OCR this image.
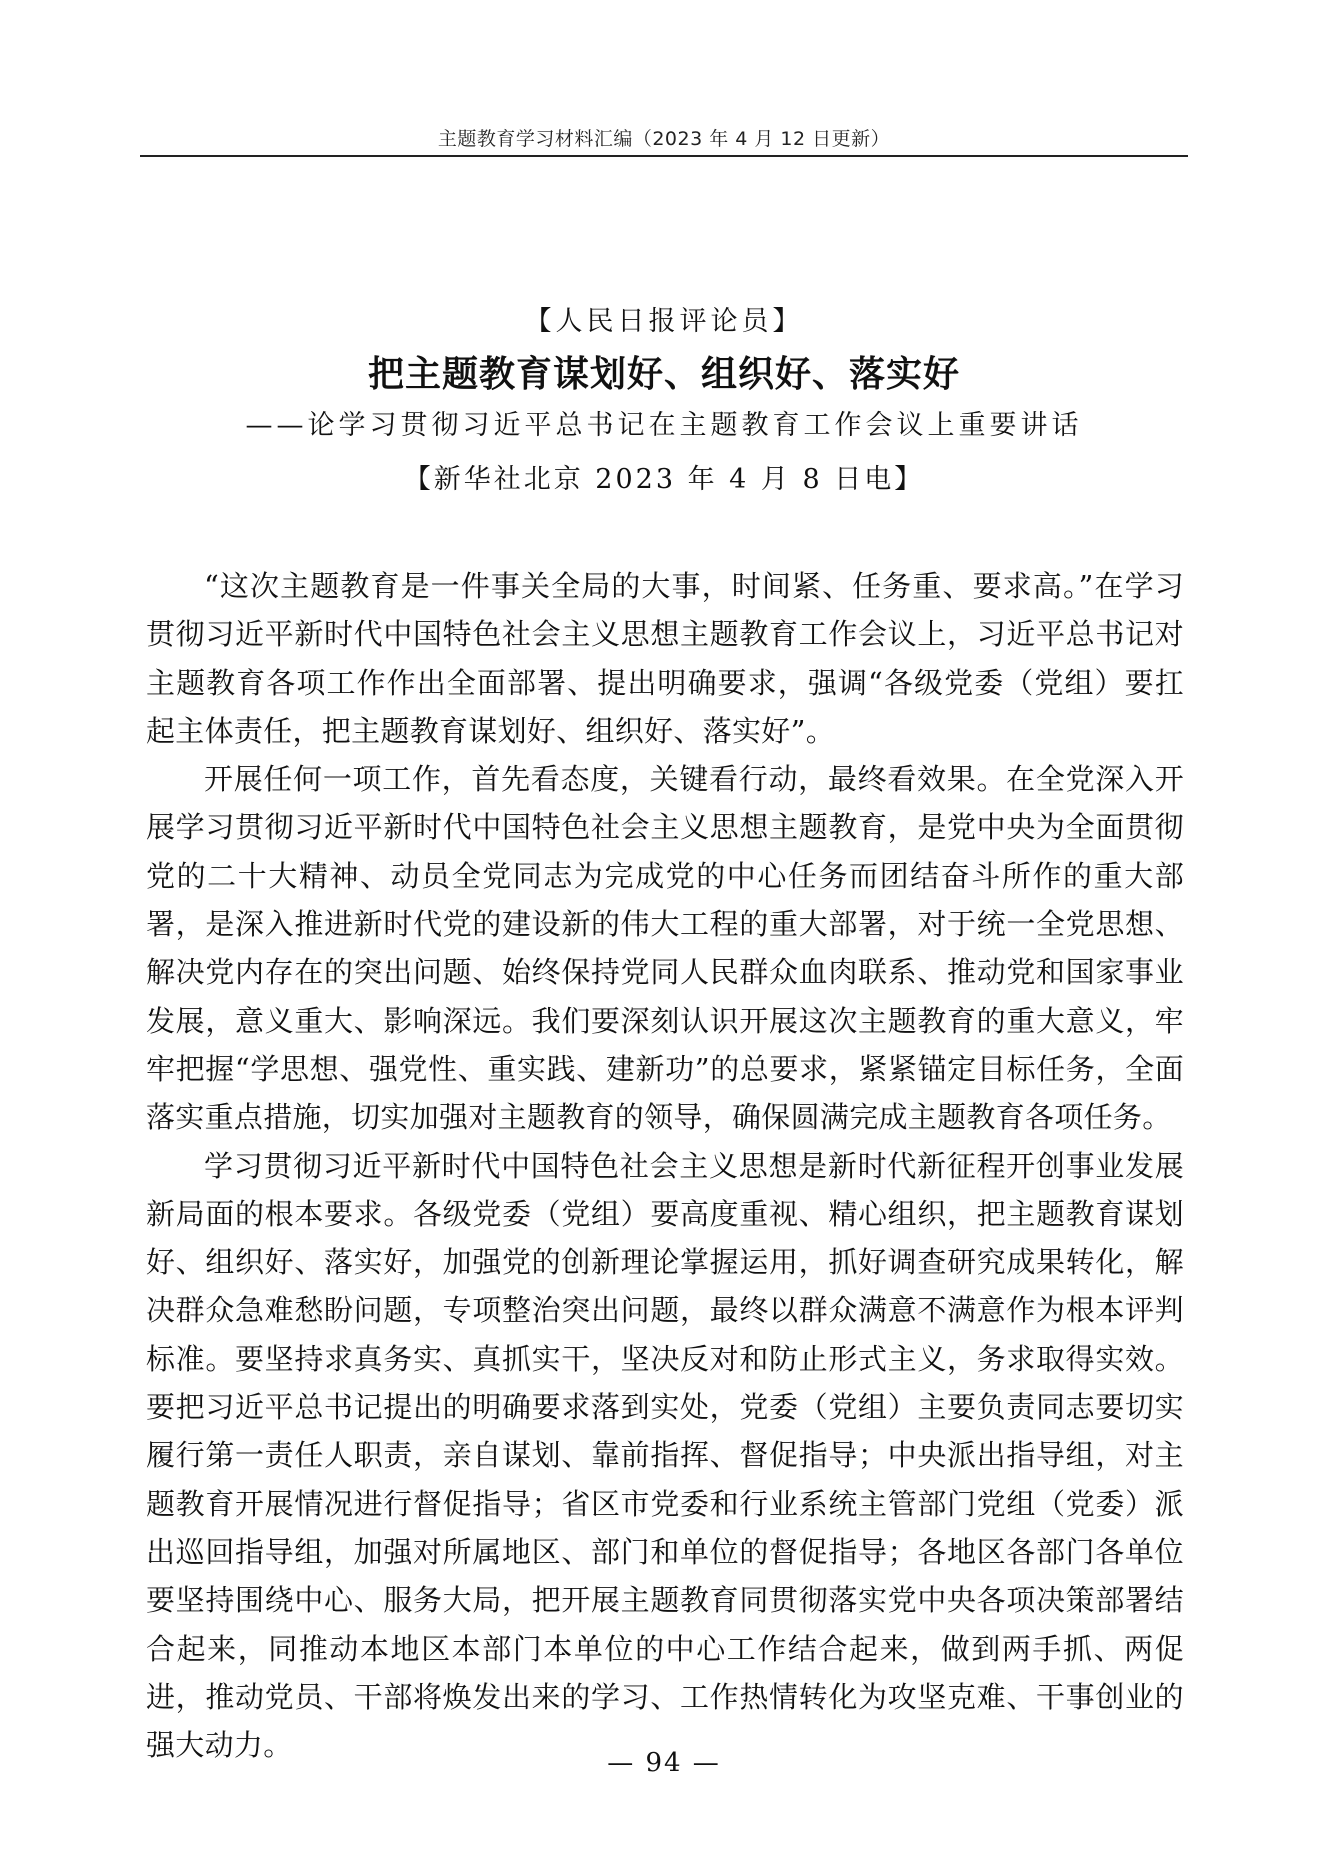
主题教育学习材料汇编（2023 年 4 月 12 日更新）
【人民日报评论员】
把主题教育谋划好、组织好、落实好
——论学习贯彻习近平总书记在主题教育工作会议上重要讲话
【新华社北京 2023 年 4 月 8 日电】

“这次主题教育是一件事关全局的大事，时间紧、任务重、要求高。”在学习贯彻习近平新时代中国特色社会主义思想主题教育工作会议上，习近平总书记对主题教育各项工作作出全面部署、提出明确要求，强调“各级党委（党组）要扛起主体责任，把主题教育谋划好、组织好、落实好”。

开展任何一项工作，首先看态度，关键看行动，最终看效果。在全党深入开展学习贯彻习近平新时代中国特色社会主义思想主题教育，是党中央为全面贯彻党的二十大精神、动员全党同志为完成党的中心任务而团结奋斗所作的重大部署，是深入推进新时代党的建设新的伟大工程的重大部署，对于统一全党思想、解决党内存在的突出问题、始终保持党同人民群众血肉联系、推动党和国家事业发展，意义重大、影响深远。我们要深刻认识开展这次主题教育的重大意义，牢牢把握“学思想、强党性、重实践、建新功”的总要求，紧紧锚定目标任务，全面落实重点措施，切实加强对主题教育的领导，确保圆满完成主题教育各项任务。

学习贯彻习近平新时代中国特色社会主义思想是新时代新征程开创事业发展新局面的根本要求。各级党委（党组）要高度重视、精心组织，把主题教育谋划好、组织好、落实好，加强党的创新理论掌握运用，抓好调查研究成果转化，解决群众急难愁盼问题，专项整治突出问题，最终以群众满意不满意作为根本评判标准。要坚持求真务实、真抓实干，坚决反对和防止形式主义，务求取得实效。要把习近平总书记提出的明确要求落到实处，党委（党组）主要负责同志要切实履行第一责任人职责，亲自谋划、靠前指挥、督促指导；中央派出指导组，对主题教育开展情况进行督促指导；省区市党委和行业系统主管部门党组（党委）派出巡回指导组，加强对所属地区、部门和单位的督促指导；各地区各部门各单位要坚持围绕中心、服务大局，把开展主题教育同贯彻落实党中央各项决策部署结合起来，同推动本地区本部门本单位的中心工作结合起来，做到两手抓、两促进，推动党员、干部将焕发出来的学习、工作热情转化为攻坚克难、干事创业的强大动力。

— 94 —
